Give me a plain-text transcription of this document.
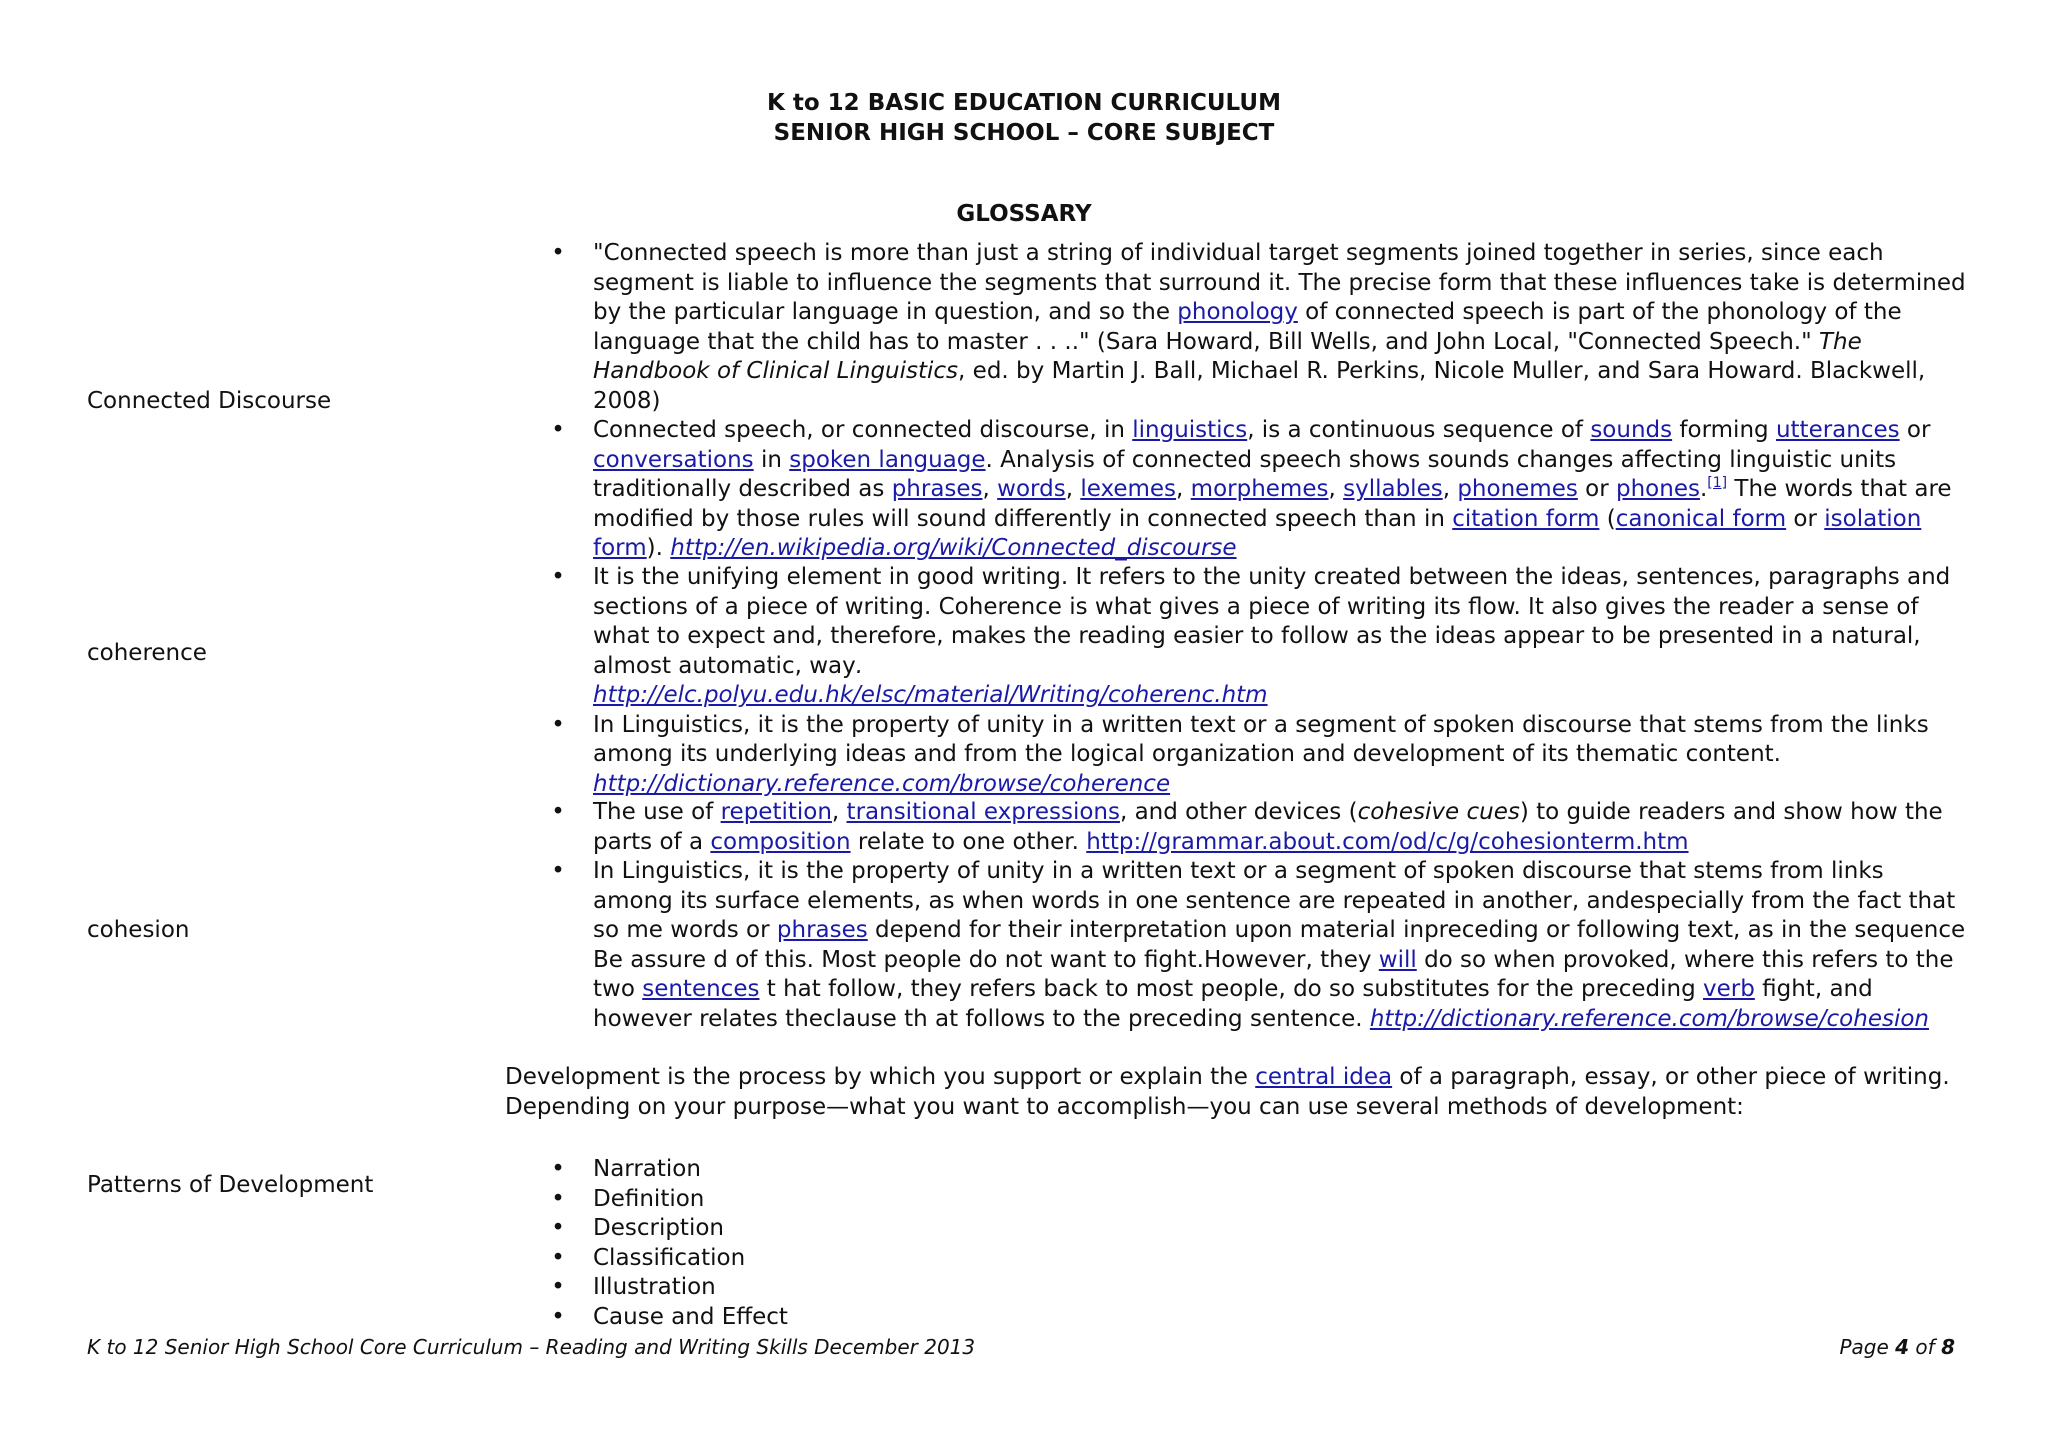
K to 12 BASIC EDUCATION CURRICULUM
SENIOR HIGH SCHOOL – CORE SUBJECT
GLOSSARY
Connected Discourse
• "Connected speech is more than just a string of individual target segments joined together in series, since each segment is liable to influence the segments that surround it. The precise form that these influences take is determined by the particular language in question, and so the phonology of connected speech is part of the phonology of the language that the child has to master . . .." (Sara Howard, Bill Wells, and John Local, "Connected Speech." The Handbook of Clinical Linguistics, ed. by Martin J. Ball, Michael R. Perkins, Nicole Muller, and Sara Howard. Blackwell, 2008)
• Connected speech, or connected discourse, in linguistics, is a continuous sequence of sounds forming utterances or conversations in spoken language. Analysis of connected speech shows sounds changes affecting linguistic units traditionally described as phrases, words, lexemes, morphemes, syllables, phonemes or phones.[1] The words that are modified by those rules will sound differently in connected speech than in citation form (canonical form or isolation form). http://en.wikipedia.org/wiki/Connected_discourse
coherence
• It is the unifying element in good writing. It refers to the unity created between the ideas, sentences, paragraphs and sections of a piece of writing. Coherence is what gives a piece of writing its flow. It also gives the reader a sense of what to expect and, therefore, makes the reading easier to follow as the ideas appear to be presented in a natural, almost automatic, way.
http://elc.polyu.edu.hk/elsc/material/Writing/coherenc.htm
• In Linguistics, it is the property of unity in a written text or a segment of spoken discourse that stems from the links among its underlying ideas and from the logical organization and development of its thematic content.
http://dictionary.reference.com/browse/coherence
cohesion
• The use of repetition, transitional expressions, and other devices (cohesive cues) to guide readers and show how the parts of a composition relate to one other. http://grammar.about.com/od/c/g/cohesionterm.htm
• In Linguistics, it is the property of unity in a written text or a segment of spoken discourse that stems from links among its surface elements, as when words in one sentence are repeated in another, andespecially from the fact that so me words or phrases depend for their interpretation upon material inpreceding or following text, as in the sequence Be assure d of this. Most people do not want to fight.However, they will do so when provoked, where this refers to the two sentences t hat follow, they refers back to most people, do so substitutes for the preceding verb fight, and however relates theclause th at follows to the preceding sentence. http://dictionary.reference.com/browse/cohesion

Development is the process by which you support or explain the central idea of a paragraph, essay, or other piece of writing. Depending on your purpose—what you want to accomplish—you can use several methods of development:

Patterns of Development
• Narration
• Definition
• Description
• Classification
• Illustration
• Cause and Effect
K to 12 Senior High School Core Curriculum – Reading and Writing Skills December 2013	Page 4 of 8
